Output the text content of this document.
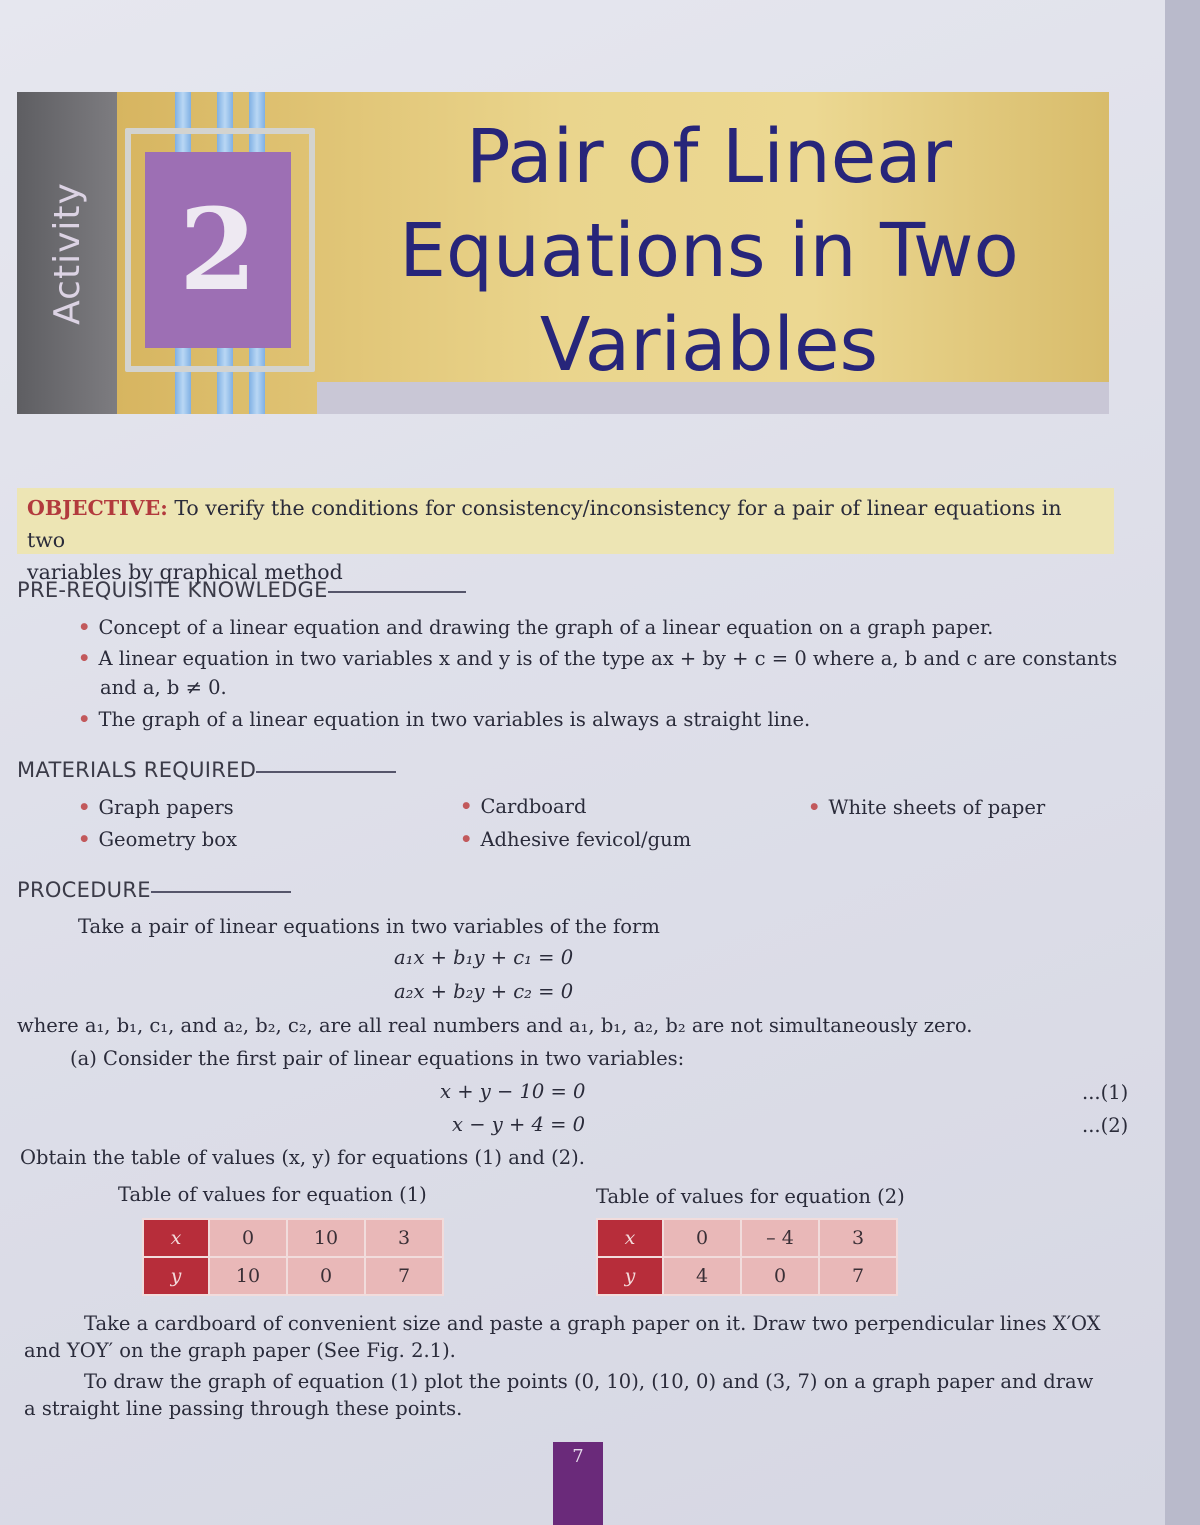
Activity 2
Pair of Linear
Equations in Two
Variables
OBJECTIVE: To verify the conditions for consistency/inconsistency for a pair of linear equations in two
variables by graphical method
PRE-REQUISITE KNOWLEDGE
• Concept of a linear equation and drawing the graph of a linear equation on a graph paper.
• A linear equation in two variables x and y is of the type ax + by + c = 0 where a, b and c are constants
and a, b ≠ 0.
• The graph of a linear equation in two variables is always a straight line.
MATERIALS REQUIRED
• Graph papers
• Geometry box
• Cardboard
• Adhesive fevicol/gum
• White sheets of paper
PROCEDURE
Take a pair of linear equations in two variables of the form
a₁x + b₁y + c₁ = 0
a₂x + b₂y + c₂ = 0
where a₁, b₁, c₁, and a₂, b₂, c₂, are all real numbers and a₁, b₁, a₂, b₂ are not simultaneously zero.
(a) Consider the first pair of linear equations in two variables:
x + y − 10 = 0	...(1)
x − y + 4 = 0	...(2)
Obtain the table of values (x, y) for equations (1) and (2).
Table of values for equation (1)	Table of values for equation (2)
x	0	10	3
y	10	0	7
x	0	– 4	3
y	4	0	7
Take a cardboard of convenient size and paste a graph paper on it. Draw two perpendicular lines X′OX
and YOY′ on the graph paper (See Fig. 2.1).
To draw the graph of equation (1) plot the points (0, 10), (10, 0) and (3, 7) on a graph paper and draw
a straight line passing through these points.
7
